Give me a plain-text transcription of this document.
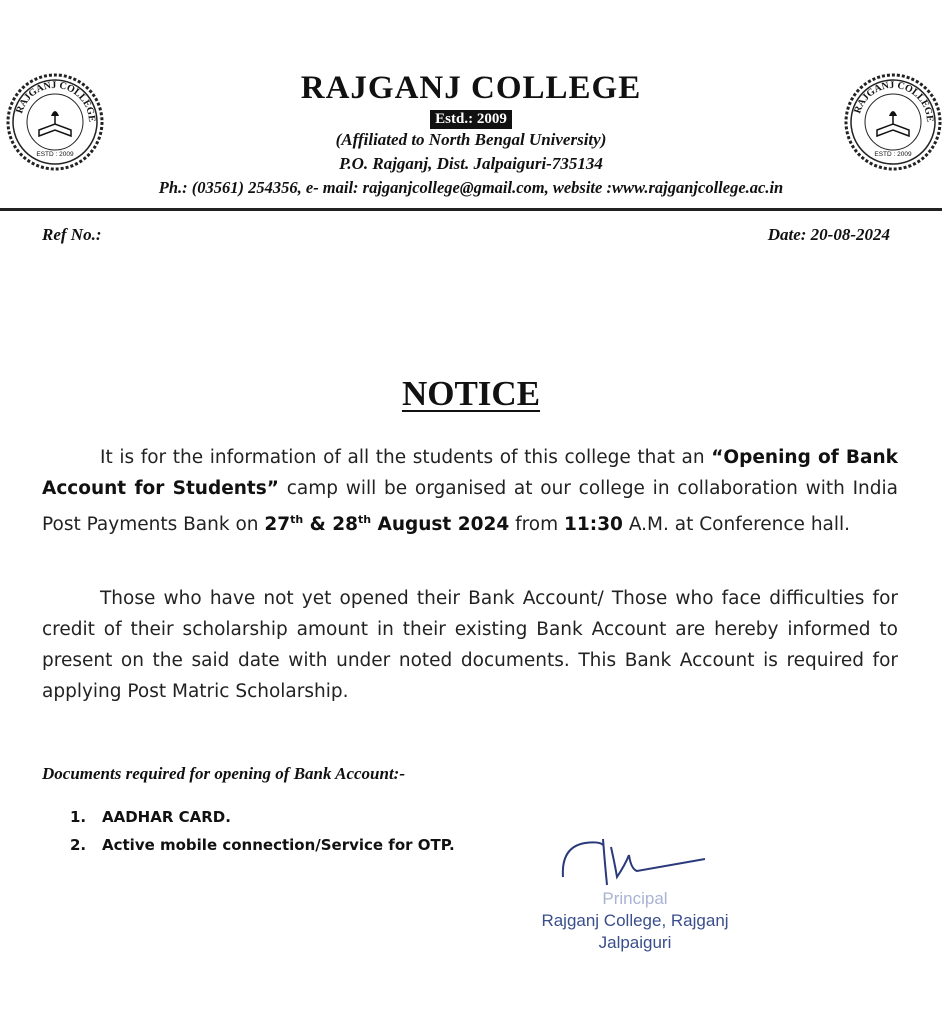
RAJGANJ COLLEGE
ESTD : 2009
RAJGANJ COLLEGE
ESTD : 2009
RAJGANJ COLLEGE
Estd.: 2009
(Affiliated to North Bengal University)
P.O. Rajganj, Dist. Jalpaiguri-735134
Ph.: (03561) 254356, e- mail: rajganjcollege@gmail.com, website :www.rajganjcollege.ac.in
Ref No.:	Date: 20-08-2024
NOTICE
It is for the information of all the students of this college that an “Opening of Bank Account for Students” camp will be organised at our college in collaboration with India Post Payments Bank on 27th & 28th August 2024 from 11:30 A.M. at Conference hall.
Those who have not yet opened their Bank Account/ Those who face difficulties for credit of their scholarship amount in their existing Bank Account are hereby informed to present on the said date with under noted documents. This Bank Account is required for applying Post Matric Scholarship.
Documents required for opening of Bank Account:-
1. AADHAR CARD.
2. Active mobile connection/Service for OTP.
Principal
Rajganj College, Rajganj
Jalpaiguri
